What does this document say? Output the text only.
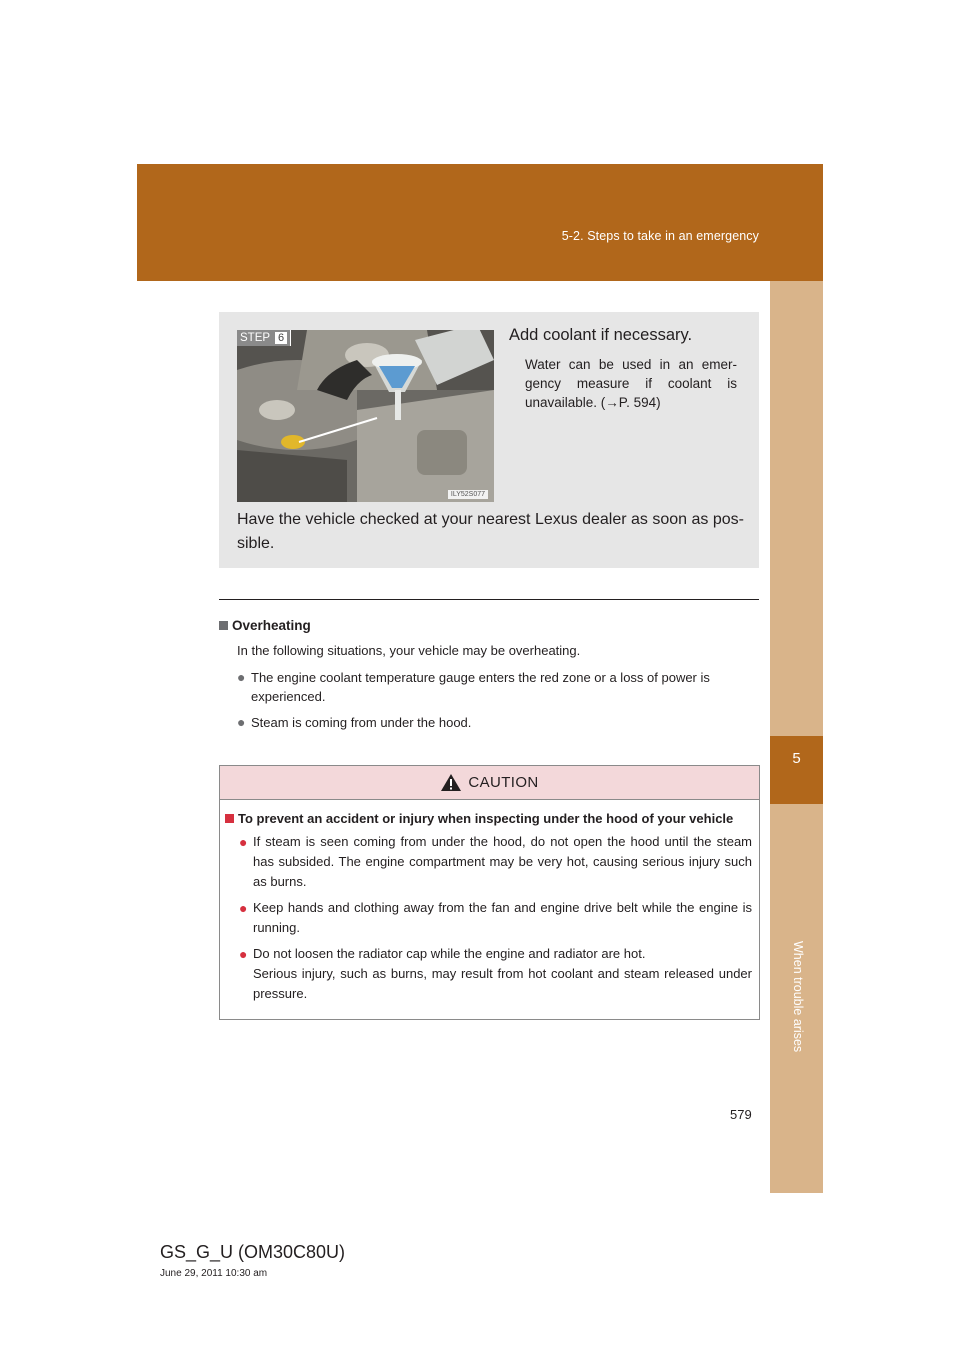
5-2. Steps to take in an emergency
5
When trouble arises
STEP 6
ILY52S077
Add coolant if necessary.
Water can be used in an emer-gency measure if coolant is unavailable. (→P. 594)
Have the vehicle checked at your nearest Lexus dealer as soon as pos-sible.
Overheating
In the following situations, your vehicle may be overheating.
● The engine coolant temperature gauge enters the red zone or a loss of power is experienced.
● Steam is coming from under the hood.
CAUTION
To prevent an accident or injury when inspecting under the hood of your vehicle
● If steam is seen coming from under the hood, do not open the hood until the steam has subsided. The engine compartment may be very hot, causing serious injury such as burns.
● Keep hands and clothing away from the fan and engine drive belt while the engine is running.
● Do not loosen the radiator cap while the engine and radiator are hot.
Serious injury, such as burns, may result from hot coolant and steam released under pressure.
579
GS_G_U (OM30C80U)
June 29, 2011 10:30 am
